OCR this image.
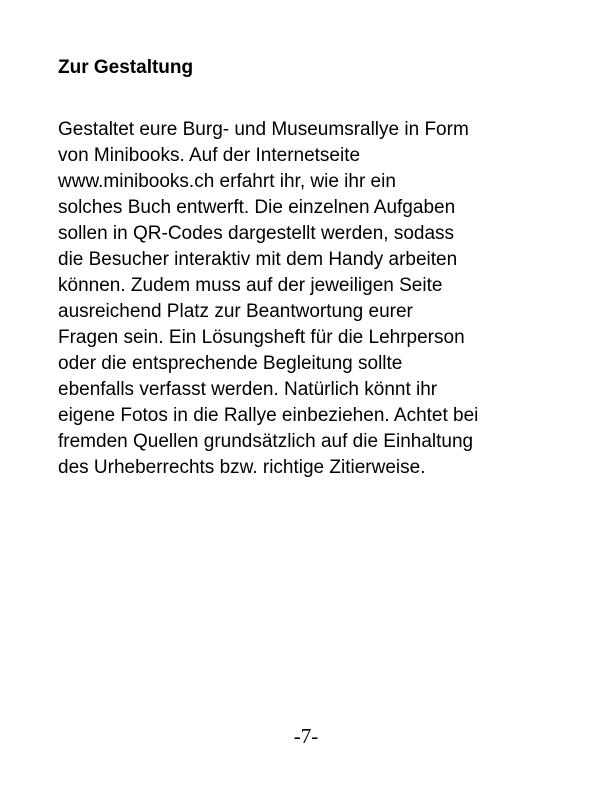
Zur Gestaltung
Gestaltet eure Burg- und Museumsrallye in Form
von Minibooks. Auf der Internetseite
www.minibooks.ch erfahrt ihr, wie ihr ein
solches Buch entwerft. Die einzelnen Aufgaben
sollen in QR-Codes dargestellt werden, sodass
die Besucher interaktiv mit dem Handy arbeiten
können. Zudem muss auf der jeweiligen Seite
ausreichend Platz zur Beantwortung eurer
Fragen sein. Ein Lösungsheft für die Lehrperson
oder die entsprechende Begleitung sollte
ebenfalls verfasst werden. Natürlich könnt ihr
eigene Fotos in die Rallye einbeziehen. Achtet bei
fremden Quellen grundsätzlich auf die Einhaltung
des Urheberrechts bzw. richtige Zitierweise.
-7-
